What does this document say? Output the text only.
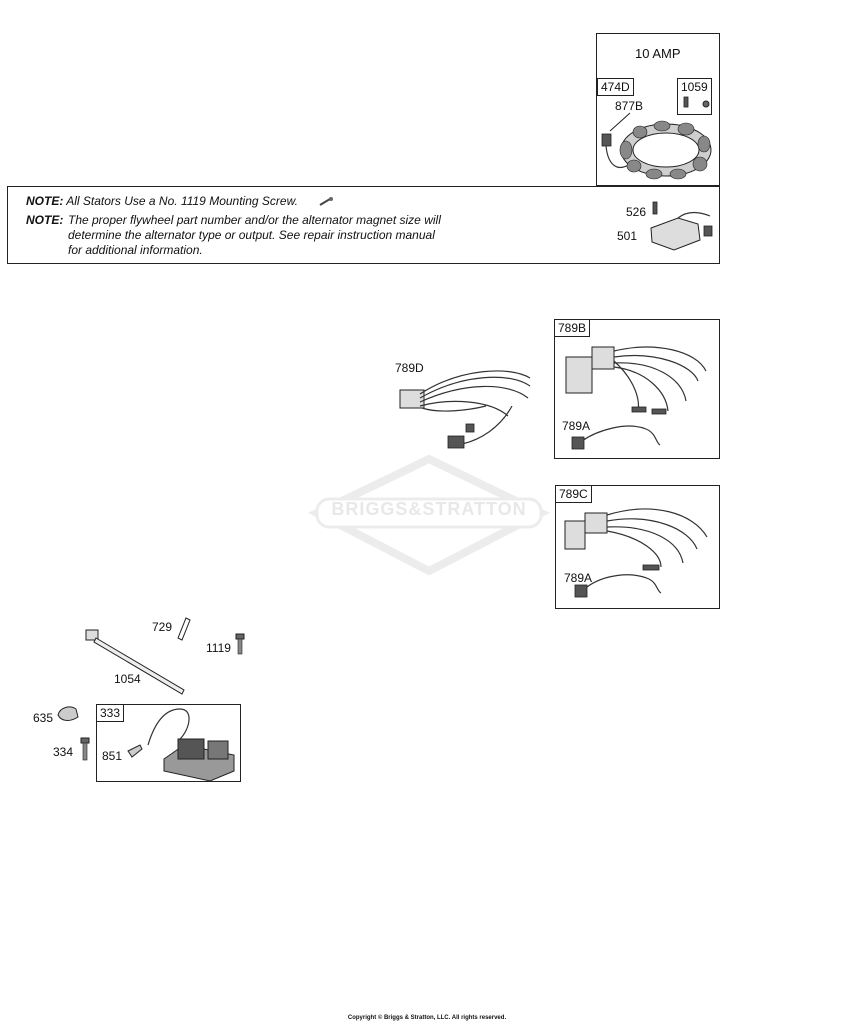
10 AMP
474D	1059
877B
NOTE: All Stators Use a No. 1119 Mounting Screw.
NOTE: The proper flywheel part number and/or the alternator magnet size will
determine the alternator type or output. See repair instruction manual
for additional information.
526
501
BRIGGS&STRATTON
789D
789B
789A
789C
789A
729
1119
1054
635
334
333
851
Copyright © Briggs & Stratton, LLC. All rights reserved.
